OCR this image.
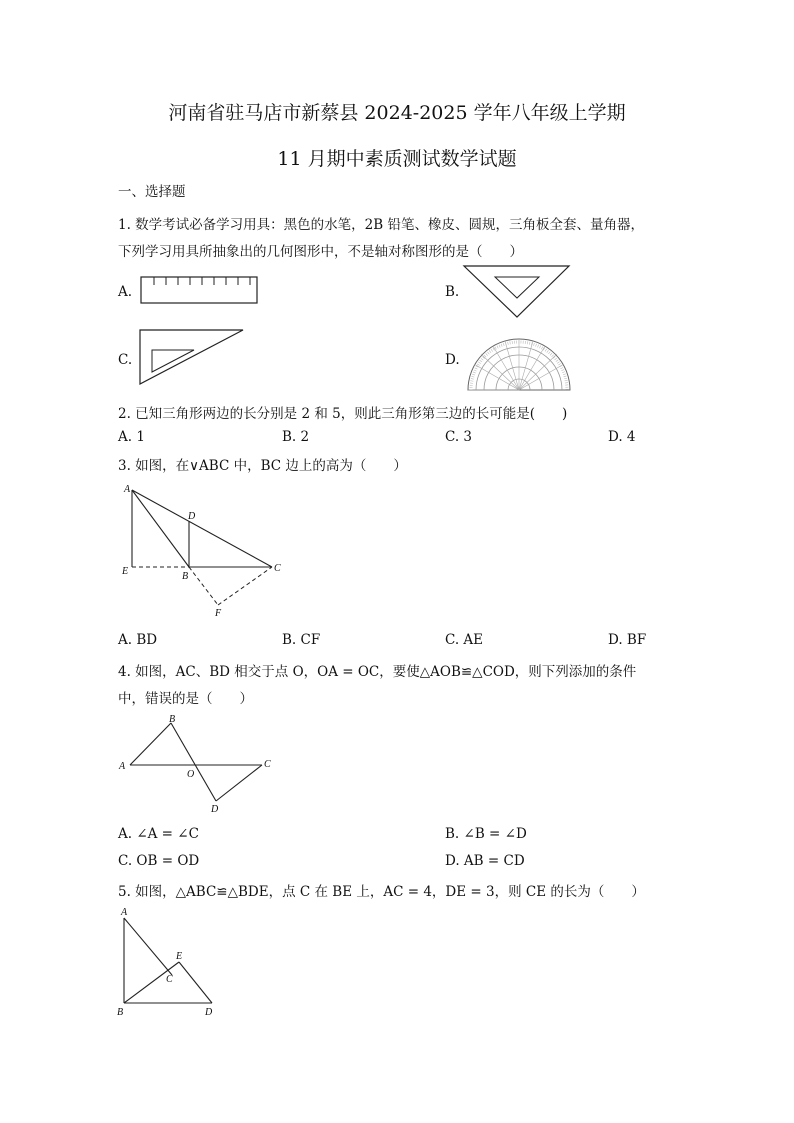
河南省驻马店市新蔡县 2024-2025 学年八年级上学期
11 月期中素质测试数学试题
一、选择题
1. 数学考试必备学习用具：黑色的水笔，2B 铅笔、橡皮、圆规，三角板全套、量角器，
下列学习用具所抽象出的几何图形中，不是轴对称图形的是（　　）
A.	B.
C.	D.
2. 已知三角形两边的长分别是 2 和 5，则此三角形第三边的长可能是(　　)
A. 1	B. 2	C. 3	D. 4
3. 如图，在∨ABC 中，BC 边上的高为（　　）
A
D
E	B
C
F
A. BD	B. CF	C. AE	D. BF
4. 如图，AC、BD 相交于点 O，OA = OC，要使△AOB≌△COD，则下列添加的条件
中，错误的是（　　）
B
A
O
C
D
A. ∠A = ∠C	B. ∠B = ∠D
C. OB = OD	D. AB = CD
5. 如图，△ABC≌△BDE，点 C 在 BE 上，AC = 4，DE = 3，则 CE 的长为（　　）
A
E
C
B	D
